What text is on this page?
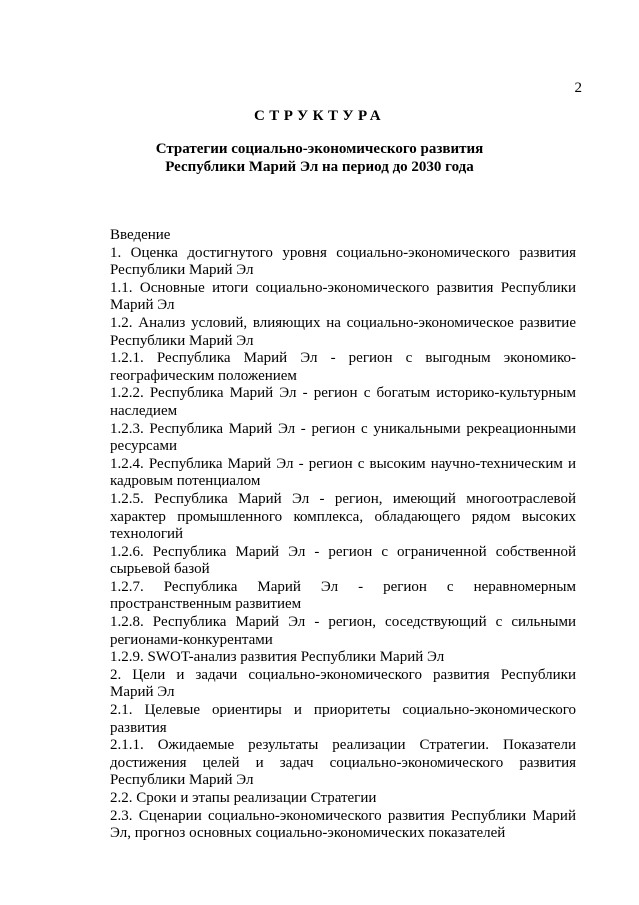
2
СТРУКТУРА
Стратегии социально-экономического развития
Республики Марий Эл на период до 2030 года
Введение
1. Оценка достигнутого уровня социально-экономического развития Республики Марий Эл
1.1. Основные итоги социально-экономического развития Республики Марий Эл
1.2. Анализ условий, влияющих на социально-экономическое развитие Республики Марий Эл
1.2.1. Республика Марий Эл - регион с выгодным экономико-географическим положением
1.2.2. Республика Марий Эл - регион с богатым историко-культурным наследием
1.2.3. Республика Марий Эл - регион с уникальными рекреационными ресурсами
1.2.4. Республика Марий Эл - регион с высоким научно-техническим и кадровым потенциалом
1.2.5. Республика Марий Эл - регион, имеющий многоотраслевой характер промышленного комплекса, обладающего рядом высоких технологий
1.2.6. Республика Марий Эл - регион с ограниченной собственной сырьевой базой
1.2.7. Республика Марий Эл - регион с неравномерным пространственным развитием
1.2.8. Республика Марий Эл - регион, соседствующий с сильными регионами-конкурентами
1.2.9. SWOT-анализ развития Республики Марий Эл
2. Цели и задачи социально-экономического развития Республики Марий Эл
2.1. Целевые ориентиры и приоритеты социально-экономического развития
2.1.1. Ожидаемые результаты реализации Стратегии. Показатели достижения целей и задач социально-экономического развития Республики Марий Эл
2.2. Сроки и этапы реализации Стратегии
2.3. Сценарии социально-экономического развития Республики Марий Эл, прогноз основных социально-экономических показателей
